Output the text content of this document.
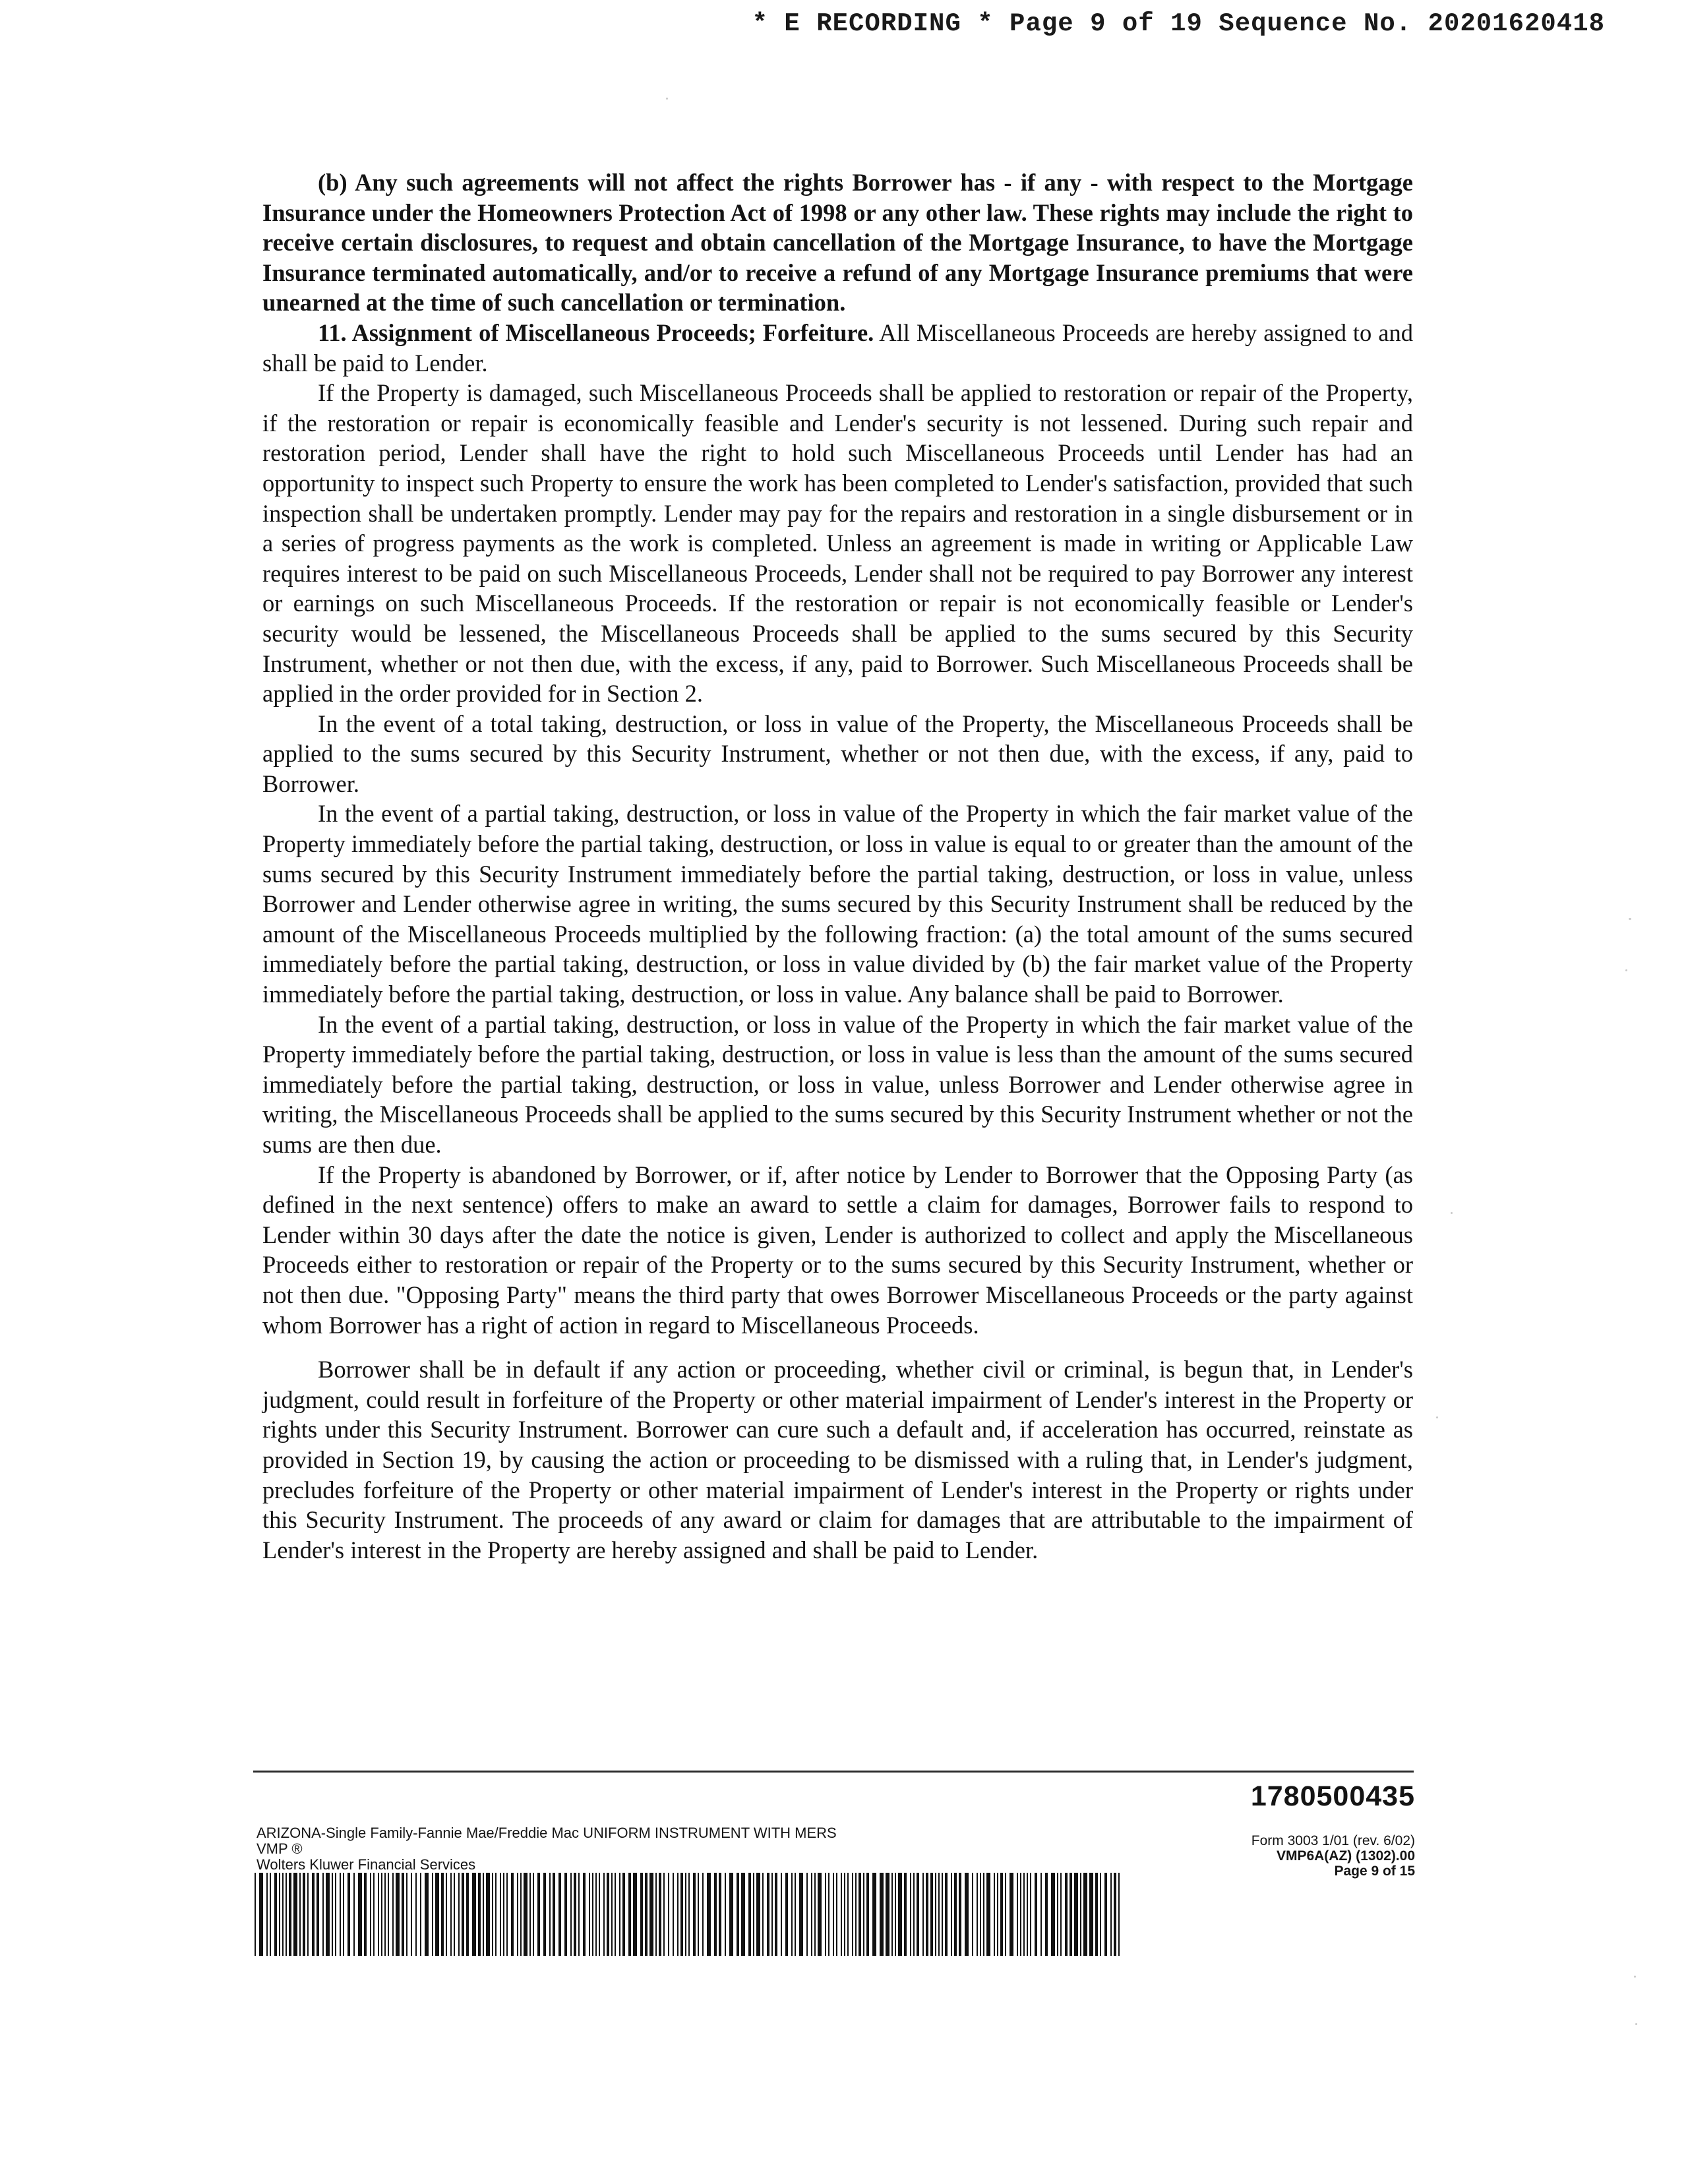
* E RECORDING * Page 9 of 19 Sequence No. 20201620418

(b) Any such agreements will not affect the rights Borrower has - if any - with respect to the Mortgage Insurance under the Homeowners Protection Act of 1998 or any other law. These rights may include the right to receive certain disclosures, to request and obtain cancellation of the Mortgage Insurance, to have the Mortgage Insurance terminated automatically, and/or to receive a refund of any Mortgage Insurance premiums that were unearned at the time of such cancellation or termination.

11. Assignment of Miscellaneous Proceeds; Forfeiture. All Miscellaneous Proceeds are hereby assigned to and shall be paid to Lender.

If the Property is damaged, such Miscellaneous Proceeds shall be applied to restoration or repair of the Property, if the restoration or repair is economically feasible and Lender's security is not lessened. During such repair and restoration period, Lender shall have the right to hold such Miscellaneous Proceeds until Lender has had an opportunity to inspect such Property to ensure the work has been completed to Lender's satisfaction, provided that such inspection shall be undertaken promptly. Lender may pay for the repairs and restoration in a single disbursement or in a series of progress payments as the work is completed. Unless an agreement is made in writing or Applicable Law requires interest to be paid on such Miscellaneous Proceeds, Lender shall not be required to pay Borrower any interest or earnings on such Miscellaneous Proceeds. If the restoration or repair is not economically feasible or Lender's security would be lessened, the Miscellaneous Proceeds shall be applied to the sums secured by this Security Instrument, whether or not then due, with the excess, if any, paid to Borrower. Such Miscellaneous Proceeds shall be applied in the order provided for in Section 2.

In the event of a total taking, destruction, or loss in value of the Property, the Miscellaneous Proceeds shall be applied to the sums secured by this Security Instrument, whether or not then due, with the excess, if any, paid to Borrower.

In the event of a partial taking, destruction, or loss in value of the Property in which the fair market value of the Property immediately before the partial taking, destruction, or loss in value is equal to or greater than the amount of the sums secured by this Security Instrument immediately before the partial taking, destruction, or loss in value, unless Borrower and Lender otherwise agree in writing, the sums secured by this Security Instrument shall be reduced by the amount of the Miscellaneous Proceeds multiplied by the following fraction: (a) the total amount of the sums secured immediately before the partial taking, destruction, or loss in value divided by (b) the fair market value of the Property immediately before the partial taking, destruction, or loss in value. Any balance shall be paid to Borrower.

In the event of a partial taking, destruction, or loss in value of the Property in which the fair market value of the Property immediately before the partial taking, destruction, or loss in value is less than the amount of the sums secured immediately before the partial taking, destruction, or loss in value, unless Borrower and Lender otherwise agree in writing, the Miscellaneous Proceeds shall be applied to the sums secured by this Security Instrument whether or not the sums are then due.

If the Property is abandoned by Borrower, or if, after notice by Lender to Borrower that the Opposing Party (as defined in the next sentence) offers to make an award to settle a claim for damages, Borrower fails to respond to Lender within 30 days after the date the notice is given, Lender is authorized to collect and apply the Miscellaneous Proceeds either to restoration or repair of the Property or to the sums secured by this Security Instrument, whether or not then due. "Opposing Party" means the third party that owes Borrower Miscellaneous Proceeds or the party against whom Borrower has a right of action in regard to Miscellaneous Proceeds.

Borrower shall be in default if any action or proceeding, whether civil or criminal, is begun that, in Lender's judgment, could result in forfeiture of the Property or other material impairment of Lender's interest in the Property or rights under this Security Instrument. Borrower can cure such a default and, if acceleration has occurred, reinstate as provided in Section 19, by causing the action or proceeding to be dismissed with a ruling that, in Lender's judgment, precludes forfeiture of the Property or other material impairment of Lender's interest in the Property or rights under this Security Instrument. The proceeds of any award or claim for damages that are attributable to the impairment of Lender's interest in the Property are hereby assigned and shall be paid to Lender.

1780500435
ARIZONA-Single Family-Fannie Mae/Freddie Mac UNIFORM INSTRUMENT WITH MERS
VMP ®
Wolters Kluwer Financial Services
Form 3003 1/01 (rev. 6/02)
VMP6A(AZ) (1302).00
Page 9 of 15
